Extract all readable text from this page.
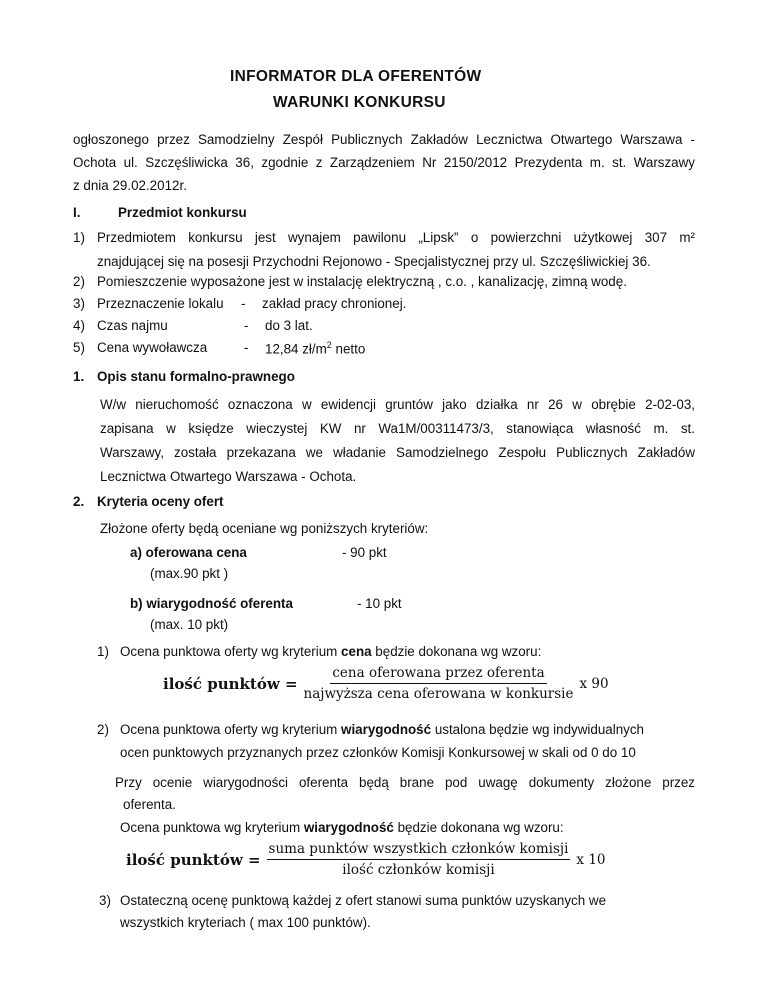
INFORMATOR DLA OFERENTÓW
WARUNKI KONKURSU
ogłoszonego przez Samodzielny Zespół Publicznych Zakładów Lecznictwa Otwartego Warszawa -
Ochota ul. Szczęśliwicka 36, zgodnie z Zarządzeniem Nr 2150/2012 Prezydenta m. st. Warszawy
z dnia 29.02.2012r.
I.	Przedmiot konkursu
1) Przedmiotem konkursu jest wynajem pawilonu „Lipsk” o powierzchni użytkowej 307 m²
znajdującej się na posesji Przychodni Rejonowo - Specjalistycznej przy ul. Szczęśliwickiej 36.
2) Pomieszczenie wyposażone jest w instalację elektryczną , c.o. , kanalizację, zimną wodę.
3) Przeznaczenie lokalu - zakład pracy chronionej.
4) Czas najmu	- do 3 lat.
5) Cena wywoławcza	- 12,84 $zł/m^2$ netto
1. Opis stanu formalno-prawnego
W/w nieruchomość oznaczona w ewidencji gruntów jako działka nr 26 w obrębie 2-02-03,
zapisana w księdze wieczystej KW nr Wa1M/00311473/3, stanowiąca własność m. st.
Warszawy, została przekazana we władanie Samodzielnego Zespołu Publicznych Zakładów
Lecznictwa Otwartego Warszawa - Ochota.
2. Kryteria oceny ofert
Złożone oferty będą oceniane wg poniższych kryteriów:
a) oferowana cena	- 90 pkt
(max.90 pkt )
b) wiarygodność oferenta	- 10 pkt
(max. 10 pkt)
1) Ocena punktowa oferty wg kryterium cena będzie dokonana wg wzoru:
ilość punktów = $\frac{\text{cena oferowana przez oferenta}}{\text{najwyższa cena oferowana w konkursie}}$ x 90
2) Ocena punktowa oferty wg kryterium wiarygodność ustalona będzie wg indywidualnych
ocen punktowych przyznanych przez członków Komisji Konkursowej w skali od 0 do 10
Przy ocenie wiarygodności oferenta będą brane pod uwagę dokumenty złożone przez
oferenta.
Ocena punktowa wg kryterium wiarygodność będzie dokonana wg wzoru:
ilość punktów = $\frac{\text{suma punktów wszystkich członków komisji}}{\text{ilość członków komisji}}$ x 10
3) Ostateczną ocenę punktową każdej z ofert stanowi suma punktów uzyskanych we
wszystkich kryteriach ( max 100 punktów).
